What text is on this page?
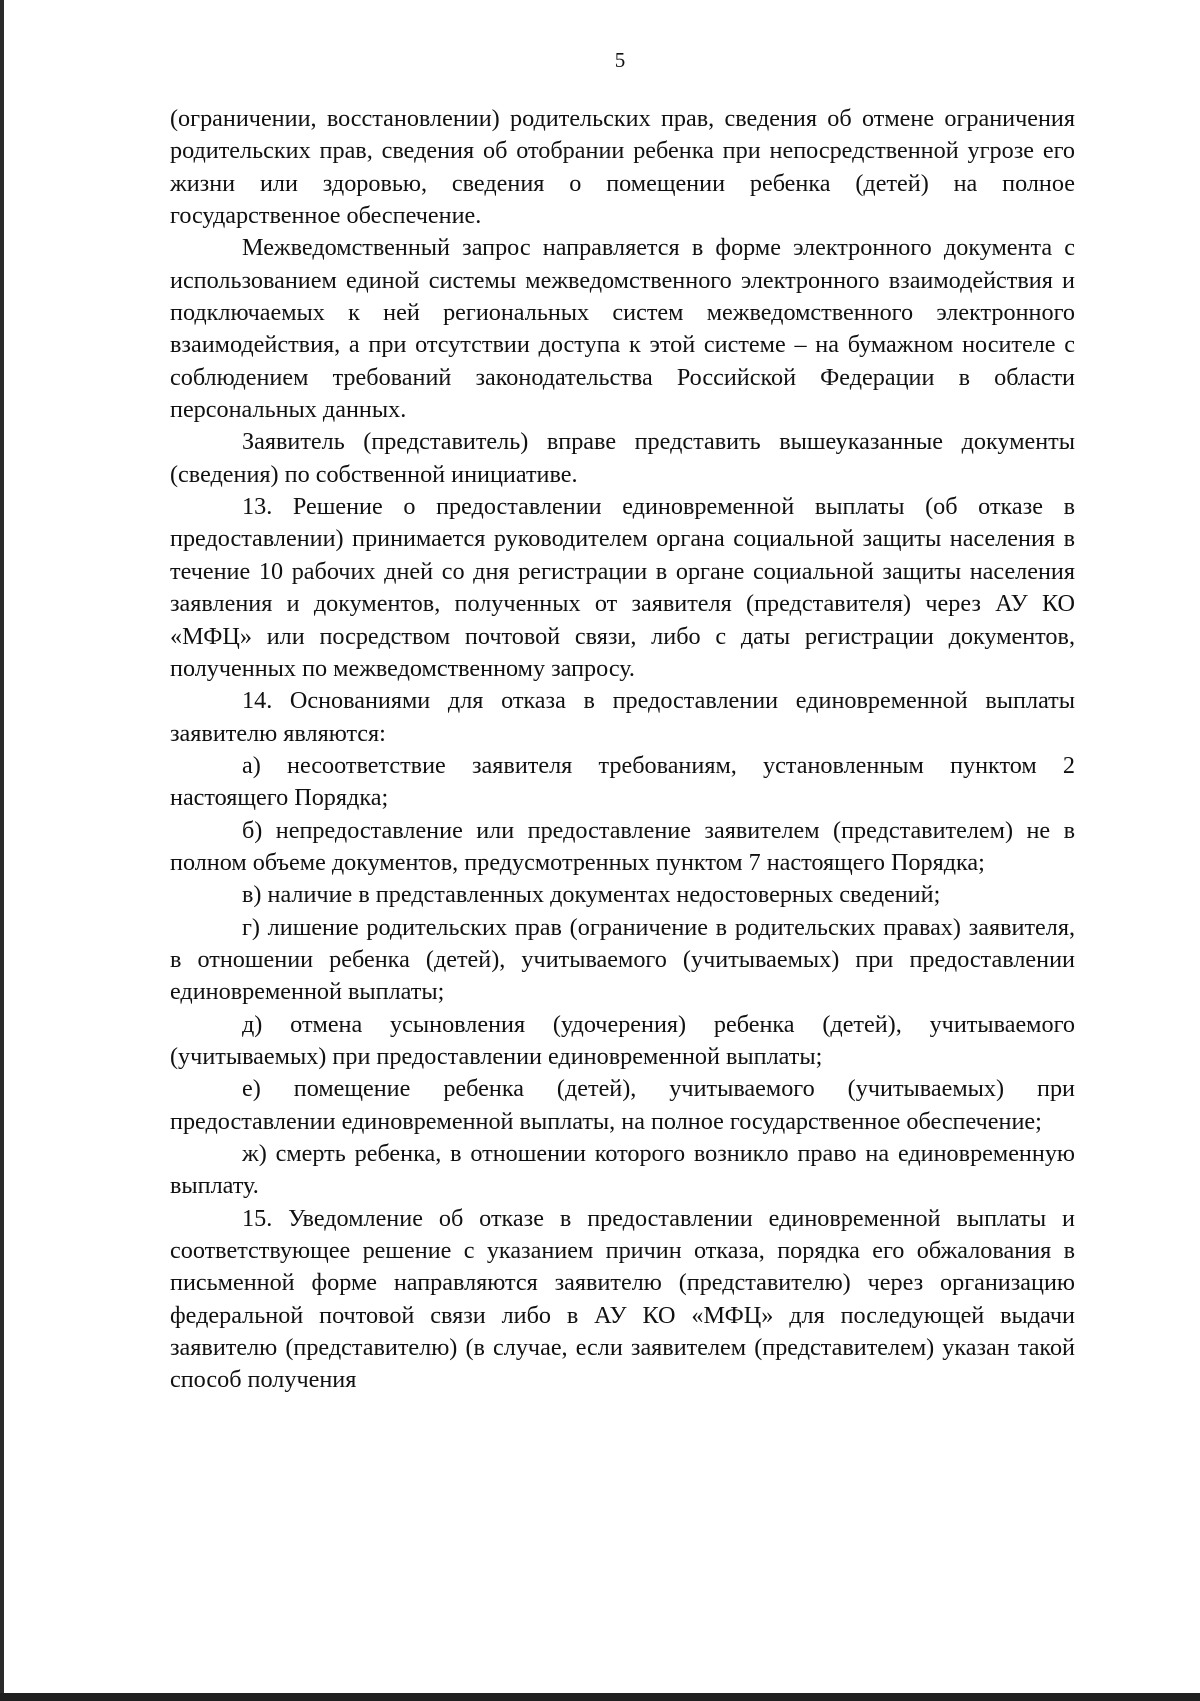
5

(ограничении, восстановлении) родительских прав, сведения об отмене ограничения родительских прав, сведения об отобрании ребенка при непосредственной угрозе его жизни или здоровью, сведения о помещении ребенка (детей) на полное государственное обеспечение.

Межведомственный запрос направляется в форме электронного документа с использованием единой системы межведомственного электронного взаимодействия и подключаемых к ней региональных систем межведомственного электронного взаимодействия, а при отсутствии доступа к этой системе – на бумажном носителе с соблюдением требований законодательства Российской Федерации в области персональных данных.

Заявитель (представитель) вправе представить вышеуказанные документы (сведения) по собственной инициативе.

13. Решение о предоставлении единовременной выплаты (об отказе в предоставлении) принимается руководителем органа социальной защиты населения в течение 10 рабочих дней со дня регистрации в органе социальной защиты населения заявления и документов, полученных от заявителя (представителя) через АУ КО «МФЦ» или посредством почтовой связи, либо с даты регистрации документов, полученных по межведомственному запросу.

14. Основаниями для отказа в предоставлении единовременной выплаты заявителю являются:

а) несоответствие заявителя требованиям, установленным пунктом 2 настоящего Порядка;

б) непредоставление или предоставление заявителем (представителем) не в полном объеме документов, предусмотренных пунктом 7 настоящего Порядка;

в) наличие в представленных документах недостоверных сведений;

г) лишение родительских прав (ограничение в родительских правах) заявителя, в отношении ребенка (детей), учитываемого (учитываемых) при предоставлении единовременной выплаты;

д) отмена усыновления (удочерения) ребенка (детей), учитываемого (учитываемых) при предоставлении единовременной выплаты;

е) помещение ребенка (детей), учитываемого (учитываемых) при предоставлении единовременной выплаты, на полное государственное обеспечение;

ж) смерть ребенка, в отношении которого возникло право на единовременную выплату.

15. Уведомление об отказе в предоставлении единовременной выплаты и соответствующее решение с указанием причин отказа, порядка его обжалования в письменной форме направляются заявителю (представителю) через организацию федеральной почтовой связи либо в АУ КО «МФЦ» для последующей выдачи заявителю (представителю) (в случае, если заявителем (представителем) указан такой способ получения
